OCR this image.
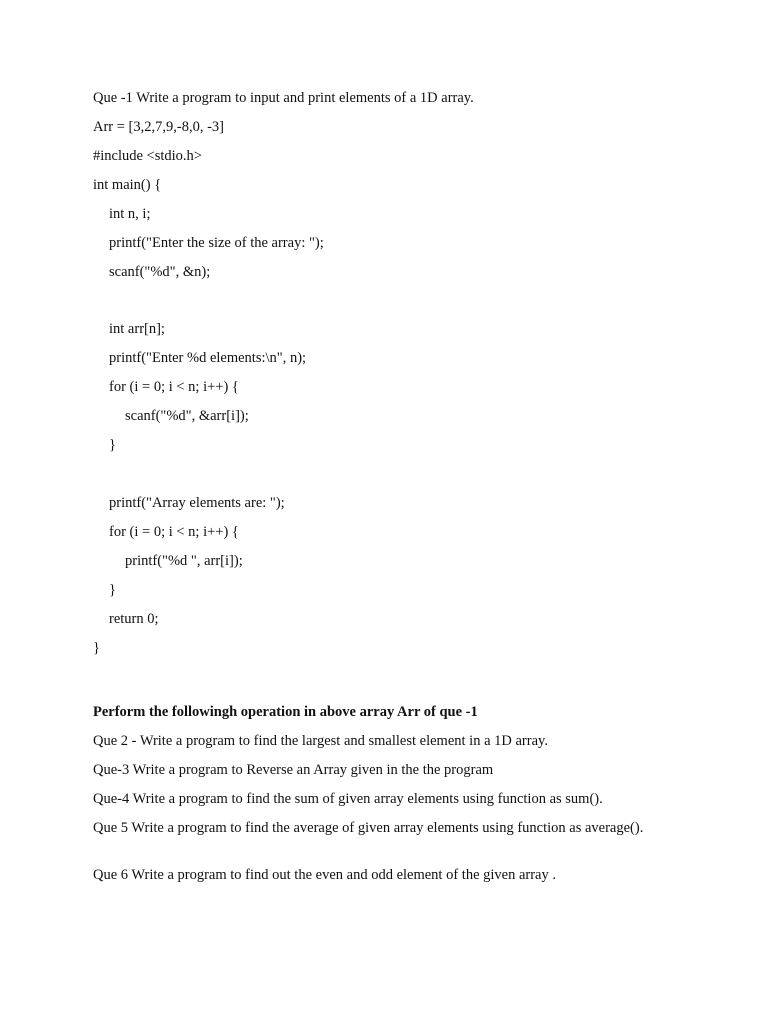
Que -1 Write a program to input and print elements of a 1D array.
Arr = [3,2,7,9,-8,0, -3]
#include <stdio.h>
int main() {
int n, i;
printf("Enter the size of the array: ");
scanf("%d", &n);
int arr[n];
printf("Enter %d elements:\n", n);
for (i = 0; i < n; i++) {
scanf("%d", &arr[i]);
}
printf("Array elements are: ");
for (i = 0; i < n; i++) {
printf("%d ", arr[i]);
}
return 0;
}
Perform the followingh operation in above array Arr of que -1
Que 2 - Write a program to find the largest and smallest element in a 1D array.
Que-3 Write a program to Reverse an Array given in the the program
Que-4 Write a program to find the sum of given array elements using function as sum().
Que 5 Write a program to find the average of given array elements using function as average().
Que 6 Write a program to find out the even and odd element of the given array .
